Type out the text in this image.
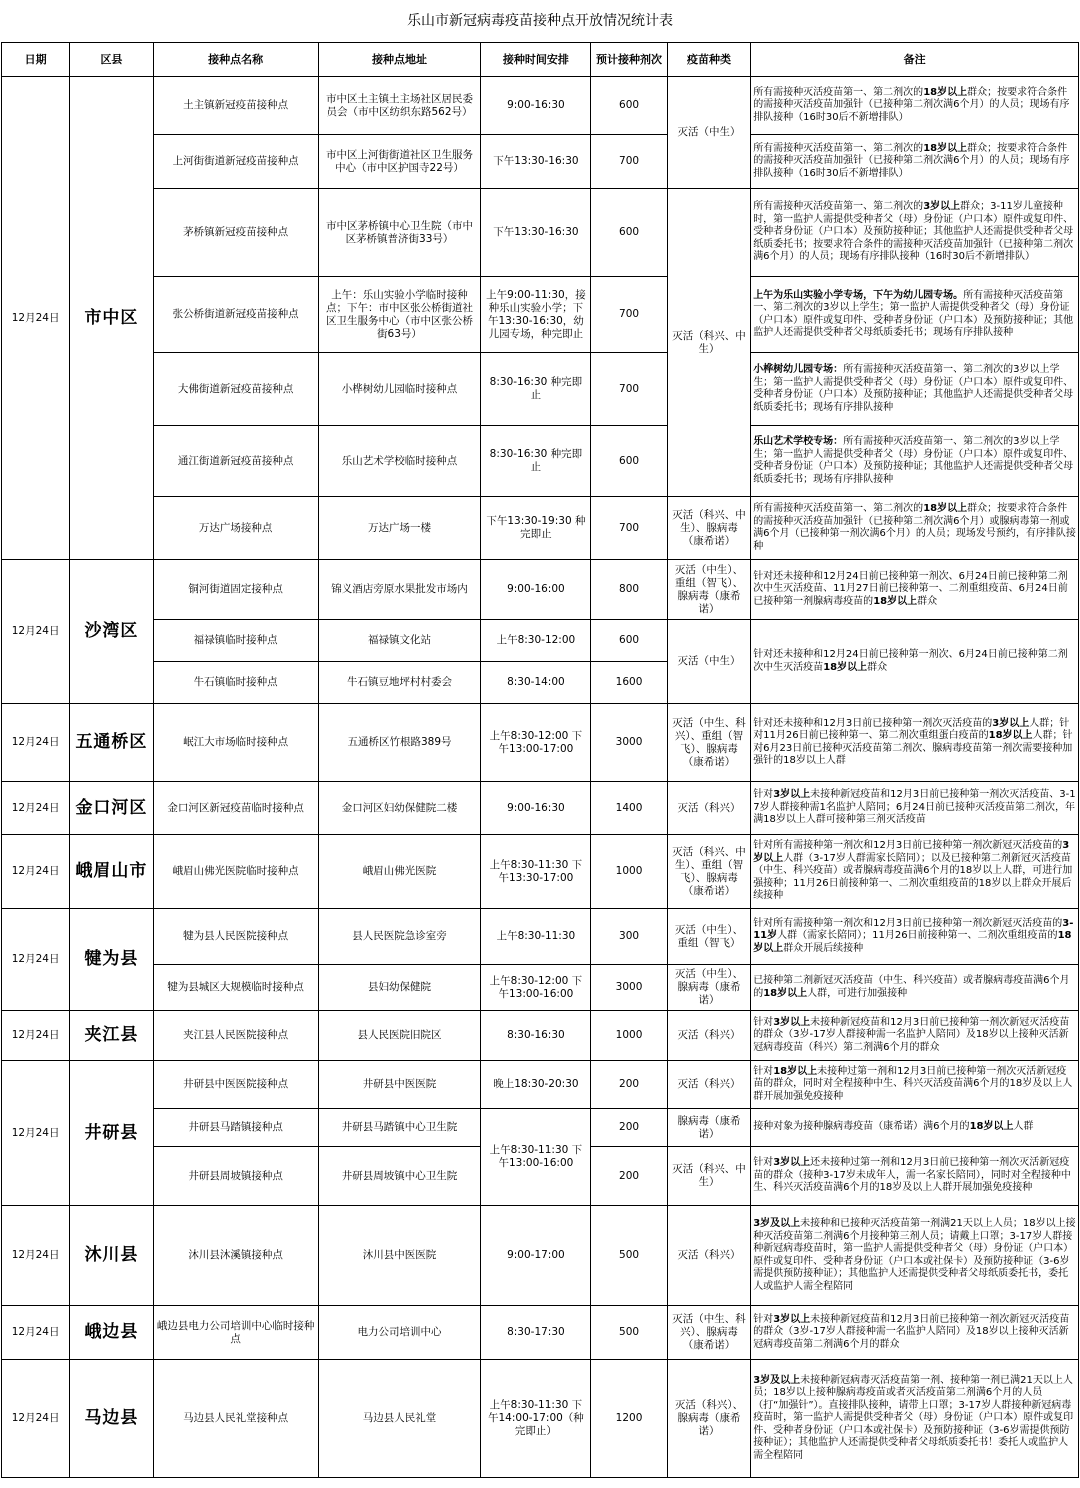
乐山市新冠病毒疫苗接种点开放情况统计表
日期	区县	接种点名称	接种点地址	接种时间安排	预计接种剂次	疫苗种类	备注
12月24日	市中区	土主镇新冠疫苗接种点	市中区土主镇土主场社区居民委员会（市中区纺织东路562号）	9:00-16:30	600	灭活（中生）	所有需接种灭活疫苗第一、第二剂次的18岁以上群众；按要求符合条件的需接种灭活疫苗加强针（已接种第二剂次满6个月）的人员；现场有序排队接种（16时30后不新增排队）
		上河街街道新冠疫苗接种点	市中区上河街街道社区卫生服务中心（市中区护国寺22号）	下午13:30-16:30	700		所有需接种灭活疫苗第一、第二剂次的18岁以上群众；按要求符合条件的需接种灭活疫苗加强针（已接种第二剂次满6个月）的人员；现场有序排队接种（16时30后不新增排队）
		茅桥镇新冠疫苗接种点	市中区茅桥镇中心卫生院（市中区茅桥镇普济街33号）	下午13:30-16:30	600	灭活（科兴、中生）	所有需接种灭活疫苗第一、第二剂次的3岁以上群众；3-11岁儿童接种时，第一监护人需提供受种者父（母）身份证（户口本）原件或复印件、受种者身份证（户口本）及预防接种证；其他监护人还需提供受种者父母纸质委托书；按要求符合条件的需接种灭活疫苗加强针（已接种第二剂次满6个月）的人员；现场有序排队接种（16时30后不新增排队）
		张公桥街道新冠疫苗接种点	上午：乐山实验小学临时接种点；下午：市中区张公桥街道社区卫生服务中心（市中区张公桥街63号）	上午9:00-11:30，接种乐山实验小学；下午13:30-16:30，幼儿园专场，种完即止	700		上午为乐山实验小学专场，下午为幼儿园专场。所有需接种灭活疫苗第一、第二剂次的3岁以上学生；第一监护人需提供受种者父（母）身份证（户口本）原件或复印件、受种者身份证（户口本）及预防接种证；其他监护人还需提供受种者父母纸质委托书；现场有序排队接种
		大佛街道新冠疫苗接种点	小桦树幼儿园临时接种点	8:30-16:30 种完即止	700		小桦树幼儿园专场：所有需接种灭活疫苗第一、第二剂次的3岁以上学生；第一监护人需提供受种者父（母）身份证（户口本）原件或复印件、受种者身份证（户口本）及预防接种证；其他监护人还需提供受种者父母纸质委托书；现场有序排队接种
		通江街道新冠疫苗接种点	乐山艺术学校临时接种点	8:30-16:30 种完即止	600		乐山艺术学校专场：所有需接种灭活疫苗第一、第二剂次的3岁以上学生；第一监护人需提供受种者父（母）身份证（户口本）原件或复印件、受种者身份证（户口本）及预防接种证；其他监护人还需提供受种者父母纸质委托书；现场有序排队接种
		万达广场接种点	万达广场一楼	下午13:30-19:30 种完即止	700	灭活（科兴、中生）、腺病毒（康希诺）	所有需接种灭活疫苗第一、第二剂次的18岁以上群众；按要求符合条件的需接种灭活疫苗加强针（已接种第二剂次满6个月）或腺病毒第一剂或满6个月（已接种第一剂次满6个月）的人员；现场发号预约，有序排队接种
12月24日	沙湾区	铜河街道固定接种点	锦义酒店旁原水果批发市场内	9:00-16:00	800	灭活（中生）、重组（智飞）、腺病毒（康希诺）	针对还未接种和12月24日前已接种第一剂次、6月24日前已接种第二剂次中生灭活疫苗、11月27日前已接种第一、二剂重组疫苗、6月24日前已接种第一剂腺病毒疫苗的18岁以上群众
		福禄镇临时接种点	福禄镇文化站	上午8:30-12:00	600	灭活（中生）	针对还未接种和12月24日前已接种第一剂次、6月24日前已接种第二剂次中生灭活疫苗18岁以上群众
		牛石镇临时接种点	牛石镇豆地坪村村委会	8:30-14:00	1600		
12月24日	五通桥区	岷江大市场临时接种点	五通桥区竹根路389号	上午8:30-12:00 下午13:00-17:00	3000	灭活（中生、科兴）、重组（智飞）、腺病毒（康希诺）	针对还未接种和12月3日前已接种第一剂次灭活疫苗的3岁以上人群；针对11月26日前已接种第一、第二剂次重组蛋白疫苗的18岁以上人群；针对6月23日前已接种灭活疫苗第二剂次、腺病毒疫苗第一剂次需要接种加强针的18岁以上人群
12月24日	金口河区	金口河区新冠疫苗临时接种点	金口河区妇幼保健院二楼	9:00-16:30	1400	灭活（科兴）	针对3岁以上未接种新冠疫苗和12月3日前已接种第一剂次灭活疫苗、3-17岁人群接种需1名监护人陪同；6月24日前已接种灭活疫苗第二剂次，年满18岁以上人群可接种第三剂灭活疫苗
12月24日	峨眉山市	峨眉山佛光医院临时接种点	峨眉山佛光医院	上午8:30-11:30 下午13:30-17:00	1000	灭活（科兴、中生）、重组（智飞）、腺病毒（康希诺）	针对所有需接种第一剂次和12月3日前已接种第一剂次新冠灭活疫苗的3岁以上人群（3-17岁人群需家长陪同）；以及已接种第二剂新冠灭活疫苗（中生、科兴疫苗）或者腺病毒疫苗满6个月的18岁以上人群，可进行加强接种；11月26日前接种第一、二剂次重组疫苗的18岁以上群众开展后续接种
12月24日	犍为县	犍为县人民医院接种点	县人民医院急诊室旁	上午8:30-11:30	300	灭活（中生）、重组（智飞）	针对所有需接种第一剂次和12月3日前已接种第一剂次新冠灭活疫苗的3-11岁人群（需家长陪同）；11月26日前接种第一、二剂次重组疫苗的18岁以上群众开展后续接种
		犍为县城区大规模临时接种点	县妇幼保健院	上午8:30-12:00 下午13:00-16:00	3000	灭活（中生）、腺病毒（康希诺）	已接种第二剂新冠灭活疫苗（中生、科兴疫苗）或者腺病毒疫苗满6个月的18岁以上人群，可进行加强接种
12月24日	夹江县	夹江县人民医院接种点	县人民医院旧院区	8:30-16:30	1000	灭活（科兴）	针对3岁以上未接种新冠疫苗和12月3日前已接种第一剂次新冠灭活疫苗的群众（3岁-17岁人群接种需一名监护人陪同）及18岁以上接种灭活新冠病毒疫苗（科兴）第二剂满6个月的群众
12月24日	井研县	井研县中医医院接种点	井研县中医医院	晚上18:30-20:30	200	灭活（科兴）	针对18岁以上未接种过第一剂和12月3日前已接种第一剂次灭活新冠疫苗的群众，同时对全程接种中生、科兴灭活疫苗满6个月的18岁及以上人群开展加强免疫接种
		井研县马踏镇接种点	井研县马踏镇中心卫生院	上午8:30-11:30 下午13:00-16:00	200	腺病毒（康希诺）	接种对象为接种腺病毒疫苗（康希诺）满6个月的18岁以上人群
		井研县周坡镇接种点	井研县周坡镇中心卫生院		200	灭活（科兴、中生）	针对3岁以上还未接种过第一剂和12月3日前已接种第一剂次灭活新冠疫苗的群众（接种3-17岁未成年人，需一名家长陪同），同时对全程接种中生、科兴灭活疫苗满6个月的18岁及以上人群开展加强免疫接种
12月24日	沐川县	沐川县沐溪镇接种点	沐川县中医医院	9:00-17:00	500	灭活（科兴）	3岁及以上未接种和已接种灭活疫苗第一剂满21天以上人员；18岁以上接种灭活疫苗第二剂满6个月接种第三剂人员；请戴上口罩；3-17岁人群接种新冠病毒疫苗时，第一监护人需提供受种者父（母）身份证（户口本）原件或复印件、受种者身份证（户口本或社保卡）及预防接种证（3-6岁需提供预防接种证）；其他监护人还需提供受种者父母纸质委托书，委托人或监护人需全程陪同
12月24日	峨边县	峨边县电力公司培训中心临时接种点	电力公司培训中心	8:30-17:30	500	灭活（中生、科兴）、腺病毒（康希诺）	针对3岁以上未接种新冠疫苗和12月3日前已接种第一剂次新冠灭活疫苗的群众（3岁-17岁人群接种需一名监护人陪同）及18岁以上接种灭活新冠病毒疫苗第二剂满6个月的群众
12月24日	马边县	马边县人民礼堂接种点	马边县人民礼堂	上午8:30-11:30 下午14:00-17:00（种完即止）	1200	灭活（科兴）、腺病毒（康希诺）	3岁及以上未接种新冠病毒灭活疫苗第一剂、接种第一剂已满21天以上人员；18岁以上接种腺病毒疫苗或者灭活疫苗第二剂满6个月的人员（打“加强针”）。直接排队接种，请带上口罩；3-17岁人群接种新冠病毒疫苗时，第一监护人需提供受种者父（母）身份证（户口本）原件或复印件、受种者身份证（户口本或社保卡）及预防接种证（3-6岁需提供预防接种证）；其他监护人还需提供受种者父母纸质委托书！委托人或监护人需全程陪同
